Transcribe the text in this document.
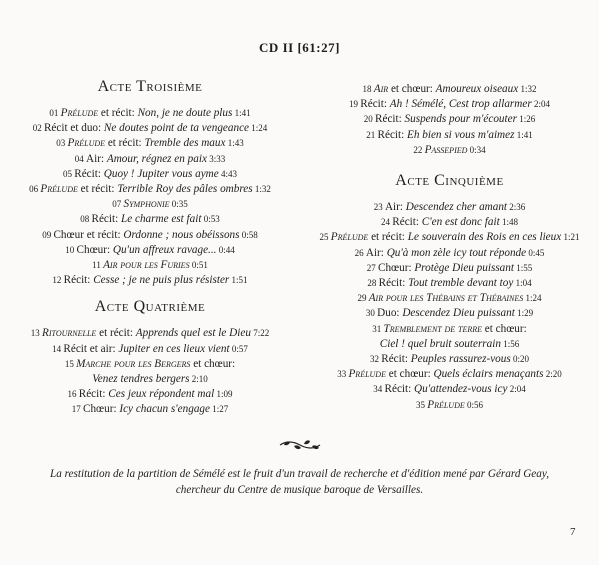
CD II [61:27]
Acte Troisième
01 Prélude et récit: Non, je ne doute plus 1:41
02 Récit et duo: Ne doutes point de ta vengeance 1:24
03 Prélude et récit: Tremble des maux 1:43
04 Air: Amour, régnez en paix 3:33
05 Récit: Quoy ! Jupiter vous ayme 4:43
06 Prélude et récit: Terrible Roy des pâles ombres 1:32
07 Symphonie 0:35
08 Récit: Le charme est fait 0:53
09 Chœur et récit: Ordonne ; nous obéissons 0:58
10 Chœur: Qu'un affreux ravage... 0:44
11 Air pour les Furies 0:51
12 Récit: Cesse ; je ne puis plus résister 1:51
Acte Quatrième
13 Ritournelle et récit: Apprends quel est le Dieu 7:22
14 Récit et air: Jupiter en ces lieux vient 0:57
15 Marche pour les Bergers et chœur:
Venez tendres bergers 2:10
16 Récit: Ces jeux répondent mal 1:09
17 Chœur: Icy chacun s'engage 1:27
18 Air et chœur: Amoureux oiseaux 1:32
19 Récit: Ah ! Sémélé, Cest trop allarmer 2:04
20 Récit: Suspends pour m'écouter 1:26
21 Récit: Eh bien si vous m'aimez 1:41
22 Passepied 0:34
Acte Cinquième
23 Air: Descendez cher amant 2:36
24 Récit: C'en est donc fait 1:48
25 Prélude et récit: Le souverain des Rois en ces lieux 1:21
26 Air: Qu'à mon zèle icy tout réponde 0:45
27 Chœur: Protège Dieu puissant 1:55
28 Récit: Tout tremble devant toy 1:04
29 Air pour les Thébains et Thébaines 1:24
30 Duo: Descendez Dieu puissant 1:29
31 Tremblement de terre et chœur:
Ciel ! quel bruit souterrain 1:56
32 Récit: Peuples rassurez-vous 0:20
33 Prélude et chœur: Quels éclairs menaçants 2:20
34 Récit: Qu'attendez-vous icy 2:04
35 Prélude 0:56
La restitution de la partition de Sémélé est le fruit d'un travail de recherche et d'édition mené par Gérard Geay,
chercheur du Centre de musique baroque de Versailles.
7
